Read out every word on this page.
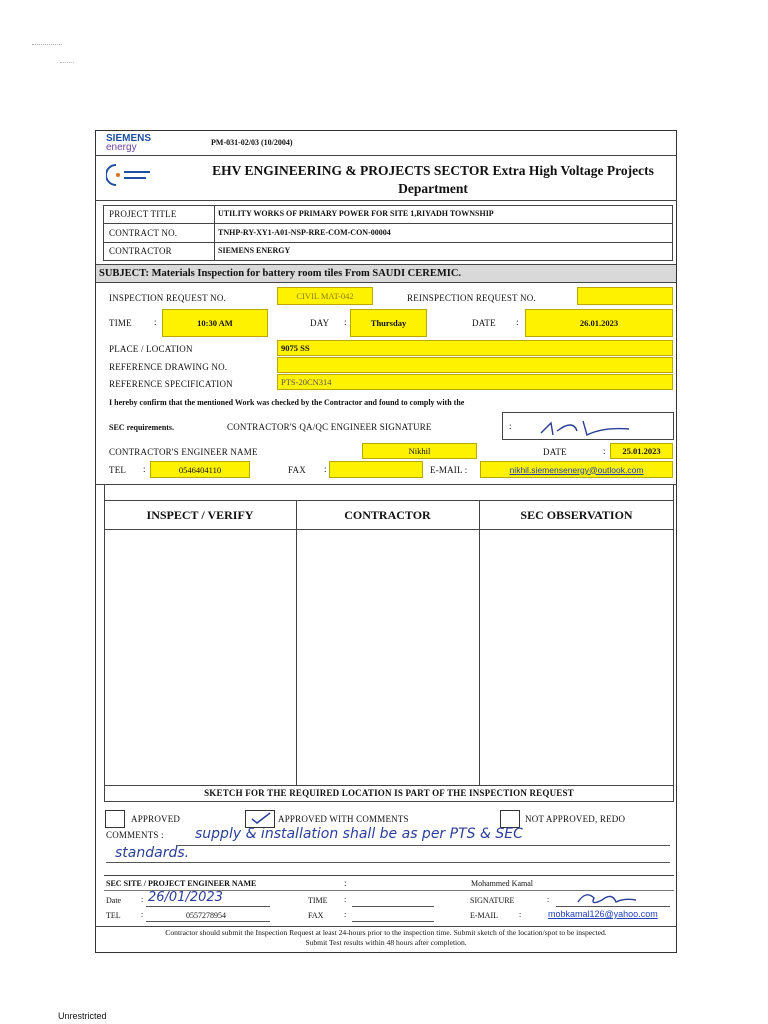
SIEMENS
energy	PM-031-02/03 (10/2004)
EHV ENGINEERING & PROJECTS SECTOR Extra High Voltage Projects Department
PROJECT TITLE	UTILITY WORKS OF PRIMARY POWER FOR SITE 1,RIYADH TOWNSHIP
CONTRACT NO.	TNHP-RY-XY1-A01-NSP-RRE-COM-CON-00004
CONTRACTOR	SIEMENS ENERGY
SUBJECT: Materials Inspection for battery room tiles From SAUDI CEREMIC.
INSPECTION REQUEST NO.	CIVIL MAT-042	REINSPECTION REQUEST NO.
TIME :	10:30 AM	DAY :	Thursday	DATE :	26.01.2023
PLACE / LOCATION	9075 SS
REFERENCE DRAWING NO.
REFERENCE SPECIFICATION	PTS-20CN314
I hereby confirm that the mentioned Work was checked by the Contractor and found to comply with the
SEC requirements.	CONTRACTOR'S QA/QC ENGINEER SIGNATURE	:
CONTRACTOR'S ENGINEER NAME	Nikhil	DATE	:	25.01.2023
TEL :	0546404110	FAX :	E-MAIL :	nikhil.siemensenergy@outlook.com
INSPECT / VERIFY	CONTRACTOR	SEC OBSERVATION
SKETCH FOR THE REQUIRED LOCATION IS PART OF THE INSPECTION REQUEST
APPROVED	APPROVED WITH COMMENTS	NOT APPROVED, REDO
COMMENTS : supply & installation shall be as per PTS & SEC
standards.
SEC SITE / PROJECT ENGINEER NAME	:	Mohammed Kamal
Date : 26/01/2023	TIME :	SIGNATURE	:
TEL	:	0557278954	FAX	:	E-MAIL	:	mobkamal126@yahoo.com
Contractor should submit the Inspection Request at least 24-hours prior to the inspection time. Submit sketch of the location/spot to be inspected.
Submit Test results within 48 hours after completion.
Unrestricted
